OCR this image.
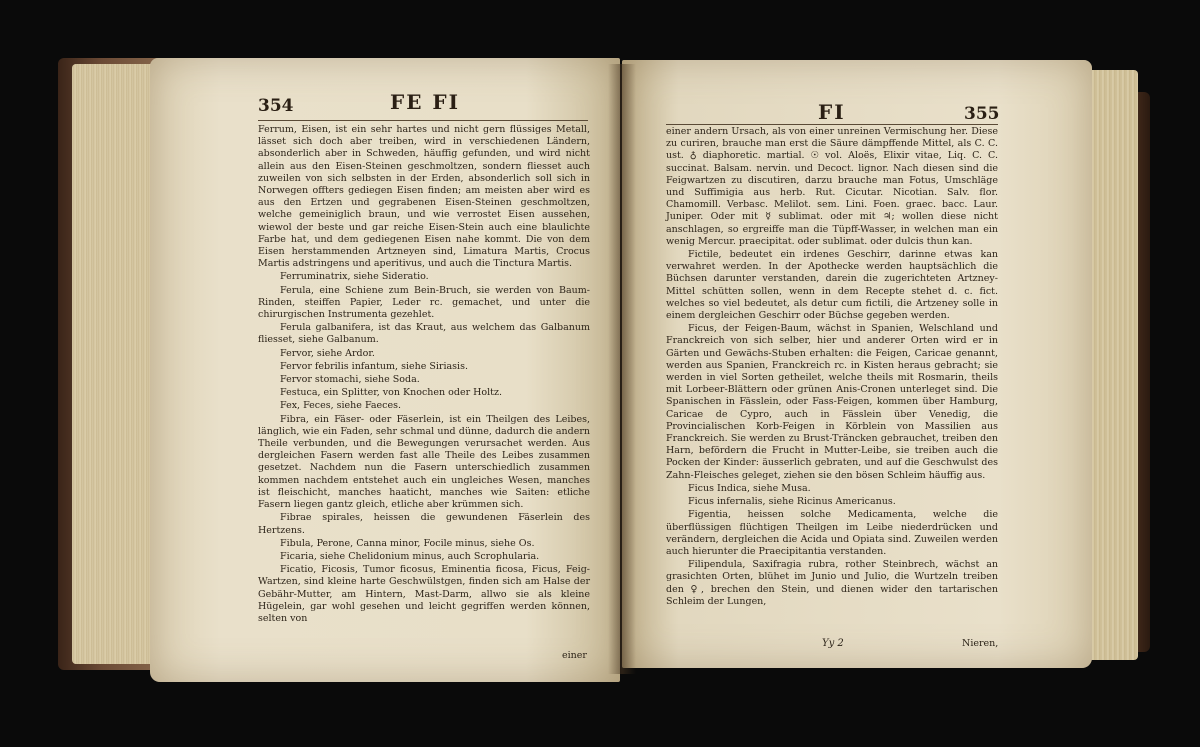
354	FE FI

Ferrum, Eisen, ist ein sehr hartes und nicht gern flüssiges Metall, lässet sich doch aber treiben, wird in verschiedenen Ländern, absonderlich aber in Schweden, häuffig gefunden, und wird nicht allein aus den Eisen-Steinen geschmoltzen, sondern fliesset auch zuweilen von sich selbsten in der Erden, absonderlich soll sich in Norwegen offters gediegen Eisen finden; am meisten aber wird es aus den Ertzen und gegrabenen Eisen-Steinen geschmoltzen, welche gemeiniglich braun, und wie verrostet Eisen aussehen, wiewol der beste und gar reiche Eisen-Stein auch eine blaulichte Farbe hat, und dem gediegenen Eisen nahe kommt. Die von dem Eisen herstammenden Artzneyen sind, Limatura Martis, Crocus Martis adstringens und aperitivus, und auch die Tinctura Martis.

Ferruminatrix, siehe Sideratio.

Ferula, eine Schiene zum Bein-Bruch, sie werden von Baum-Rinden, steiffen Papier, Leder rc. gemachet, und unter die chirurgischen Instrumenta gezehlet.

Ferula galbanifera, ist das Kraut, aus welchem das Galbanum fliesset, siehe Galbanum.

Fervor, siehe Ardor.

Fervor febrilis infantum, siehe Siriasis.

Fervor stomachi, siehe Soda.

Festuca, ein Splitter, von Knochen oder Holtz.

Fex, Feces, siehe Faeces.

Fibra, ein Fäser- oder Fäserlein, ist ein Theilgen des Leibes, länglich, wie ein Faden, sehr schmal und dünne, dadurch die andern Theile verbunden, und die Bewegungen verursachet werden. Aus dergleichen Fasern werden fast alle Theile des Leibes zusammen gesetzet. Nachdem nun die Fasern unterschiedlich zusammen kommen nachdem entstehet auch ein ungleiches Wesen, manches ist fleischicht, manches haaticht, manches wie Saiten: etliche Fasern liegen gantz gleich, etliche aber krümmen sich.

Fibrae spirales, heissen die gewundenen Fäserlein des Hertzens.

Fibula, Perone, Canna minor, Focile minus, siehe Os.

Ficaria, siehe Chelidonium minus, auch Scrophularia.

Ficatio, Ficosis, Tumor ficosus, Eminentia ficosa, Ficus, Feig-Wartzen, sind kleine harte Geschwülstgen, finden sich am Halse der Gebähr-Mutter, am Hintern, Mast-Darm, allwo sie als kleine Hügelein, gar wohl gesehen und leicht gegriffen werden können, selten von

einer
FI	355

einer andern Ursach, als von einer unreinen Vermischung her. Diese zu curiren, brauche man erst die Säure dämpffende Mittel, als C. C. ust. ♁ diaphoretic. martial. ☉ vol. Aloës, Elixir vitae, Liq. C. C. succinat. Balsam. nervin. und Decoct. lignor. Nach diesen sind die Feigwartzen zu discutiren, darzu brauche man Fotus, Umschläge und Suffimigia aus herb. Rut. Cicutar. Nicotian. Salv. flor. Chamomill. Verbasc. Melilot. sem. Lini. Foen. graec. bacc. Laur. Juniper. Oder mit ☿ sublimat. oder mit ♃; wollen diese nicht anschlagen, so ergreiffe man die Tüpff-Wasser, in welchen man ein wenig Mercur. praecipitat. oder sublimat. oder dulcis thun kan.

Fictile, bedeutet ein irdenes Geschirr, darinne etwas kan verwahret werden. In der Apothecke werden hauptsächlich die Büchsen darunter verstanden, darein die zugerichteten Artzney-Mittel schütten sollen, wenn in dem Recepte stehet d. c. fict. welches so viel bedeutet, als detur cum fictili, die Artzeney solle in einem dergleichen Geschirr oder Büchse gegeben werden.

Ficus, der Feigen-Baum, wächst in Spanien, Welschland und Franckreich von sich selber, hier und anderer Orten wird er in Gärten und Gewächs-Stuben erhalten: die Feigen, Caricae genannt, werden aus Spanien, Franckreich rc. in Kisten heraus gebracht; sie werden in viel Sorten getheilet, welche theils mit Rosmarin, theils mit Lorbeer-Blättern oder grünen Anis-Cronen unterleget sind. Die Spanischen in Fässlein, oder Fass-Feigen, kommen über Hamburg, Caricae de Cypro, auch in Fässlein über Venedig, die Provincialischen Korb-Feigen in Körblein von Massilien aus Franckreich. Sie werden zu Brust-Träncken gebrauchet, treiben den Harn, befördern die Frucht in Mutter-Leibe, sie treiben auch die Pocken der Kinder: äusserlich gebraten, und auf die Geschwulst des Zahn-Fleisches geleget, ziehen sie den bösen Schleim häuffig aus.

Ficus Indica, siehe Musa.

Ficus infernalis, siehe Ricinus Americanus.

Figentia, heissen solche Medicamenta, welche die überflüssigen flüchtigen Theilgen im Leibe niederdrücken und verändern, dergleichen die Acida und Opiata sind. Zuweilen werden auch hierunter die Praecipitantia verstanden.

Filipendula, Saxifragia rubra, rother Steinbrech, wächst an grasichten Orten, blühet im Junio und Julio, die Wurtzeln treiben den ♀, brechen den Stein, und dienen wider den tartarischen Schleim der Lungen,

Yy 2	Nieren,
